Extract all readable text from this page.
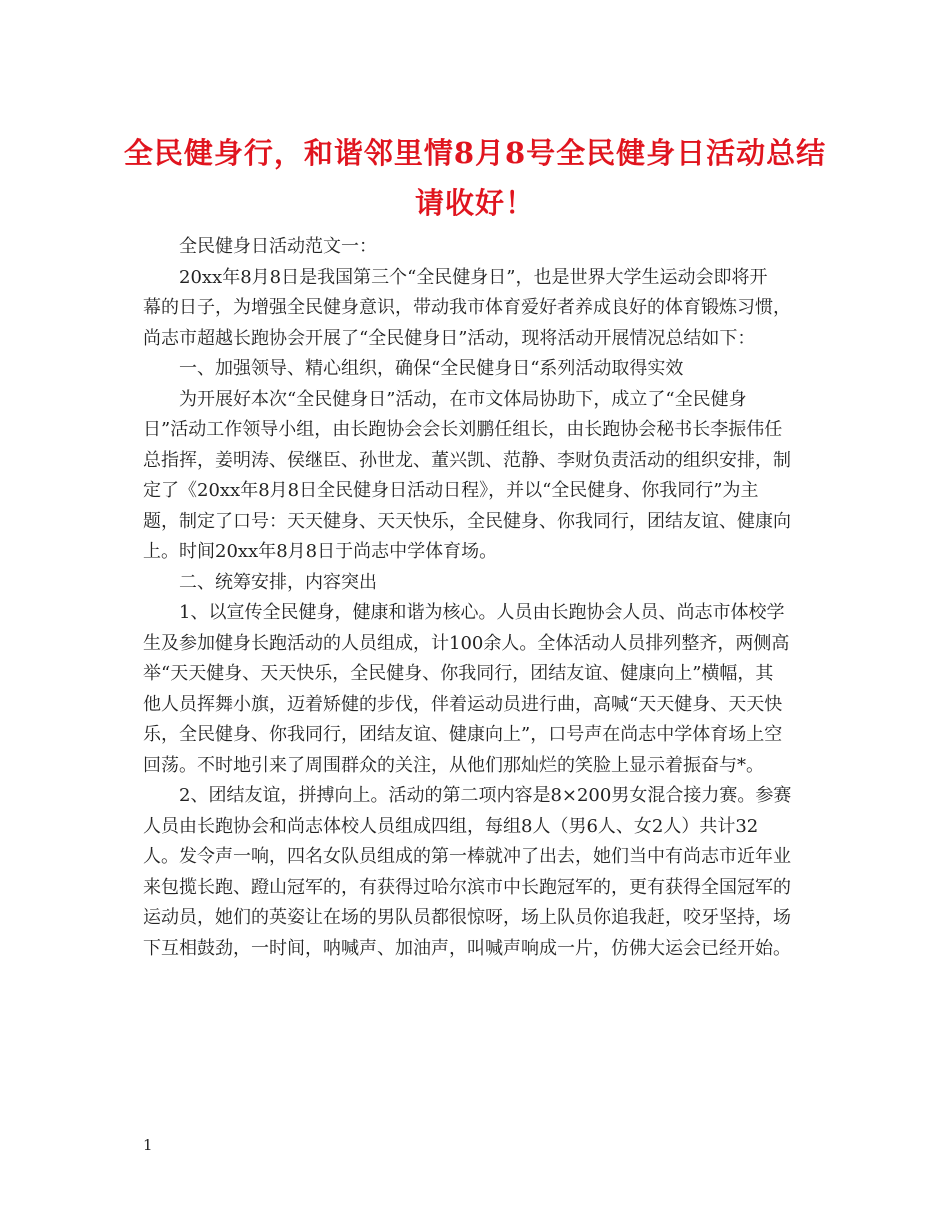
全民健身行，和谐邻里情8月8号全民健身日活动总结
请收好！
全民健身日活动范文一：
20xx年8月8日是我国第三个“全民健身日”，也是世界大学生运动会即将开
幕的日子，为增强全民健身意识，带动我市体育爱好者养成良好的体育锻炼习惯，
尚志市超越长跑协会开展了“全民健身日”活动，现将活动开展情况总结如下：
一、加强领导、精心组织，确保“全民健身日“系列活动取得实效
为开展好本次“全民健身日”活动，在市文体局协助下，成立了“全民健身
日”活动工作领导小组，由长跑协会会长刘鹏任组长，由长跑协会秘书长李振伟任
总指挥，姜明涛、侯继臣、孙世龙、董兴凯、范静、李财负责活动的组织安排，制
定了《20xx年8月8日全民健身日活动日程》，并以“全民健身、你我同行”为主
题，制定了口号：天天健身、天天快乐，全民健身、你我同行，团结友谊、健康向
上。时间20xx年8月8日于尚志中学体育场。
二、统筹安排，内容突出
1、以宣传全民健身，健康和谐为核心。人员由长跑协会人员、尚志市体校学
生及参加健身长跑活动的人员组成，计100余人。全体活动人员排列整齐，两侧高
举“天天健身、天天快乐，全民健身、你我同行，团结友谊、健康向上”横幅，其
他人员挥舞小旗，迈着矫健的步伐，伴着运动员进行曲，高喊“天天健身、天天快
乐，全民健身、你我同行，团结友谊、健康向上”，口号声在尚志中学体育场上空
回荡。不时地引来了周围群众的关注，从他们那灿烂的笑脸上显示着振奋与*。
2、团结友谊，拼搏向上。活动的第二项内容是8×200男女混合接力赛。参赛
人员由长跑协会和尚志体校人员组成四组，每组8人（男6人、女2人）共计32
人。发令声一响，四名女队员组成的第一棒就冲了出去，她们当中有尚志市近年业
来包揽长跑、蹬山冠军的，有获得过哈尔滨市中长跑冠军的，更有获得全国冠军的
运动员，她们的英姿让在场的男队员都很惊呀，场上队员你追我赶，咬牙坚持，场
下互相鼓劲，一时间，呐喊声、加油声，叫喊声响成一片，仿佛大运会已经开始。
1
